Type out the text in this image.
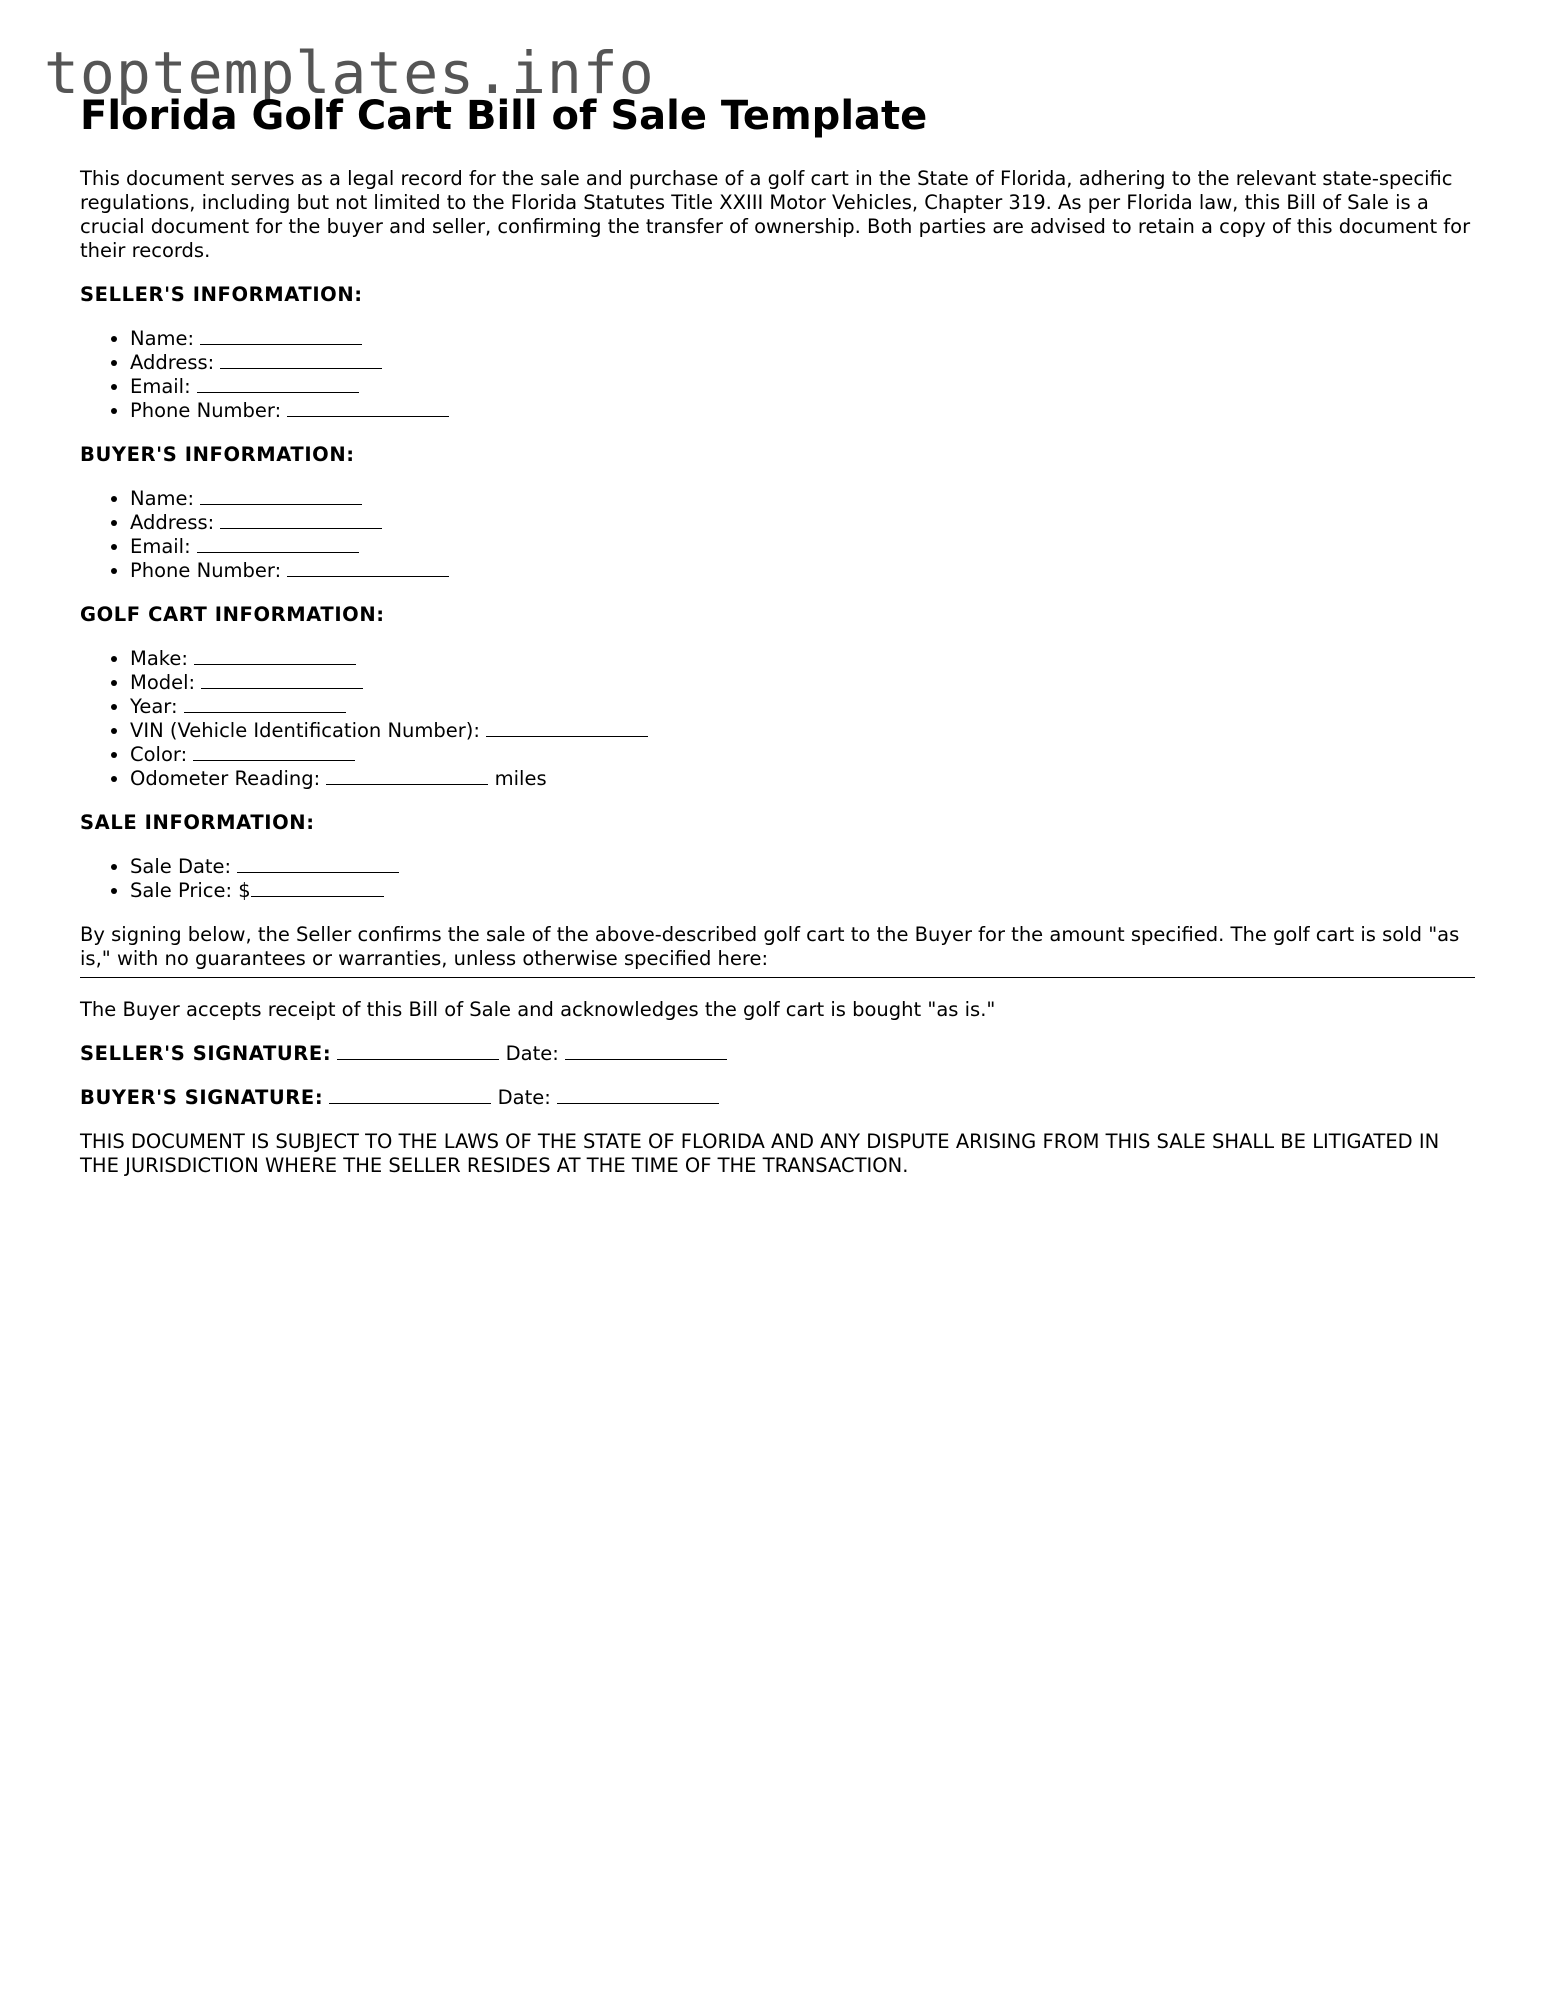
toptemplates.info
Florida Golf Cart Bill of Sale Template

This document serves as a legal record for the sale and purchase of a golf cart in the State of Florida, adhering to the relevant state-specific regulations, including but not limited to the Florida Statutes Title XXIII Motor Vehicles, Chapter 319. As per Florida law, this Bill of Sale is a crucial document for the buyer and seller, confirming the transfer of ownership. Both parties are advised to retain a copy of this document for their records.

SELLER'S INFORMATION:
• Name:
• Address:
• Email:
• Phone Number:
BUYER'S INFORMATION:
• Name:
• Address:
• Email:
• Phone Number:
GOLF CART INFORMATION:
• Make:
• Model:
• Year:
• VIN (Vehicle Identification Number):
• Color:
• Odometer Reading:	miles
SALE INFORMATION:
• Sale Date:
• Sale Price: $

By signing below, the Seller confirms the sale of the above-described golf cart to the Buyer for the amount specified. The golf cart is sold "as is," with no guarantees or warranties, unless otherwise specified here:

The Buyer accepts receipt of this Bill of Sale and acknowledges the golf cart is bought "as is."

SELLER'S SIGNATURE:	Date:
BUYER'S SIGNATURE:	Date:

THIS DOCUMENT IS SUBJECT TO THE LAWS OF THE STATE OF FLORIDA AND ANY DISPUTE ARISING FROM THIS SALE SHALL BE LITIGATED IN THE JURISDICTION WHERE THE SELLER RESIDES AT THE TIME OF THE TRANSACTION.
